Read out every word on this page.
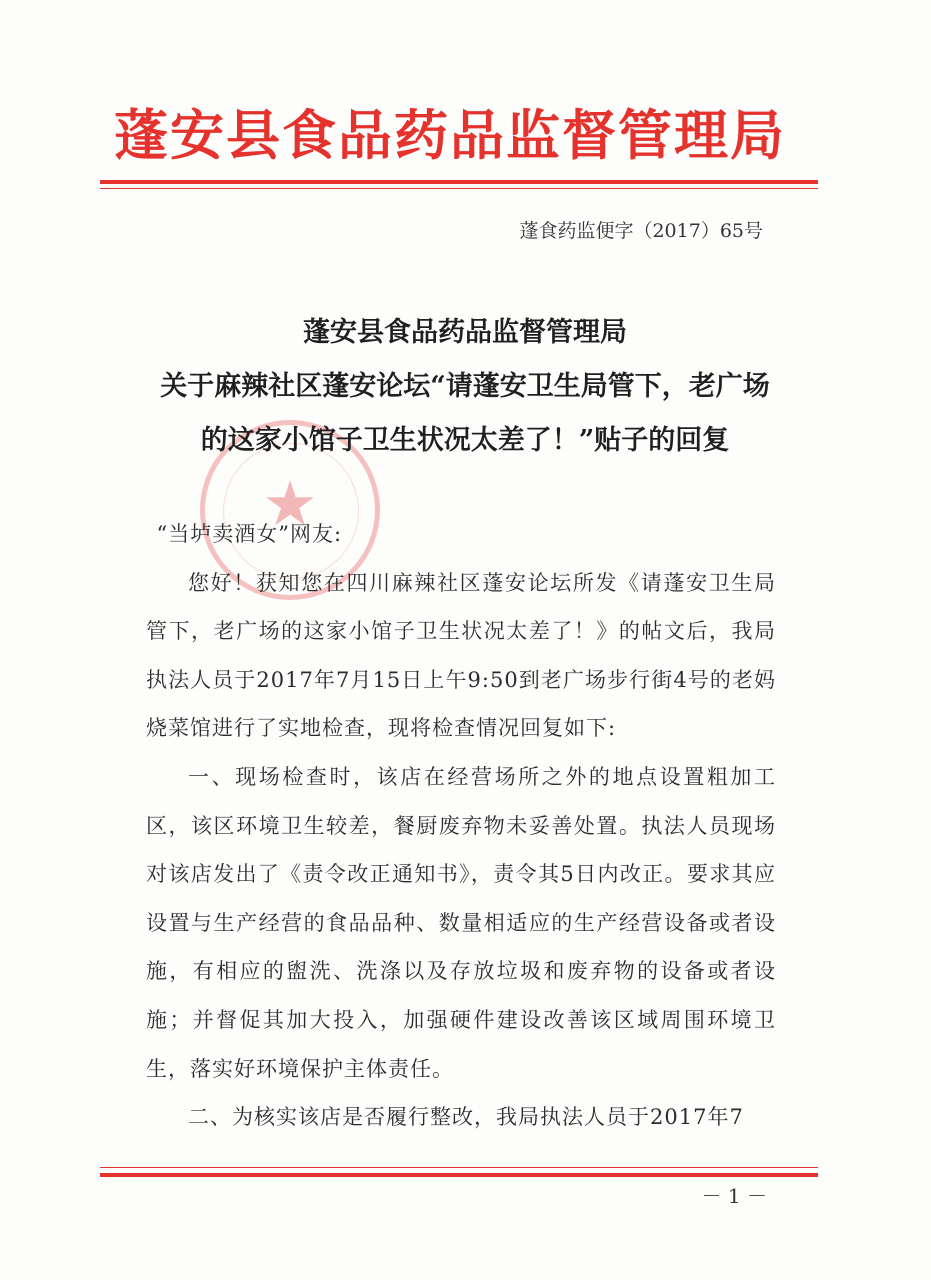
蓬安县食品药品监督管理局
蓬食药监便字（2017）65号
★
蓬安县食品药品监督管理局
关于麻辣社区蓬安论坛“请蓬安卫生局管下，老广场
的这家小馆子卫生状况太差了！”贴子的回复

“当垆卖酒女”网友:

您好！获知您在四川麻辣社区蓬安论坛所发《请蓬安卫生局管下，老广场的这家小馆子卫生状况太差了！》的帖文后，我局执法人员于2017年7月15日上午9:50到老广场步行街4号的老妈烧菜馆进行了实地检查，现将检查情况回复如下:

一、现场检查时，该店在经营场所之外的地点设置粗加工区，该区环境卫生较差，餐厨废弃物未妥善处置。执法人员现场对该店发出了《责令改正通知书》，责令其5日内改正。要求其应设置与生产经营的食品品种、数量相适应的生产经营设备或者设施，有相应的盥洗、洗涤以及存放垃圾和废弃物的设备或者设施；并督促其加大投入，加强硬件建设改善该区域周围环境卫生，落实好环境保护主体责任。

二、为核实该店是否履行整改，我局执法人员于2017年7

－ 1 －
